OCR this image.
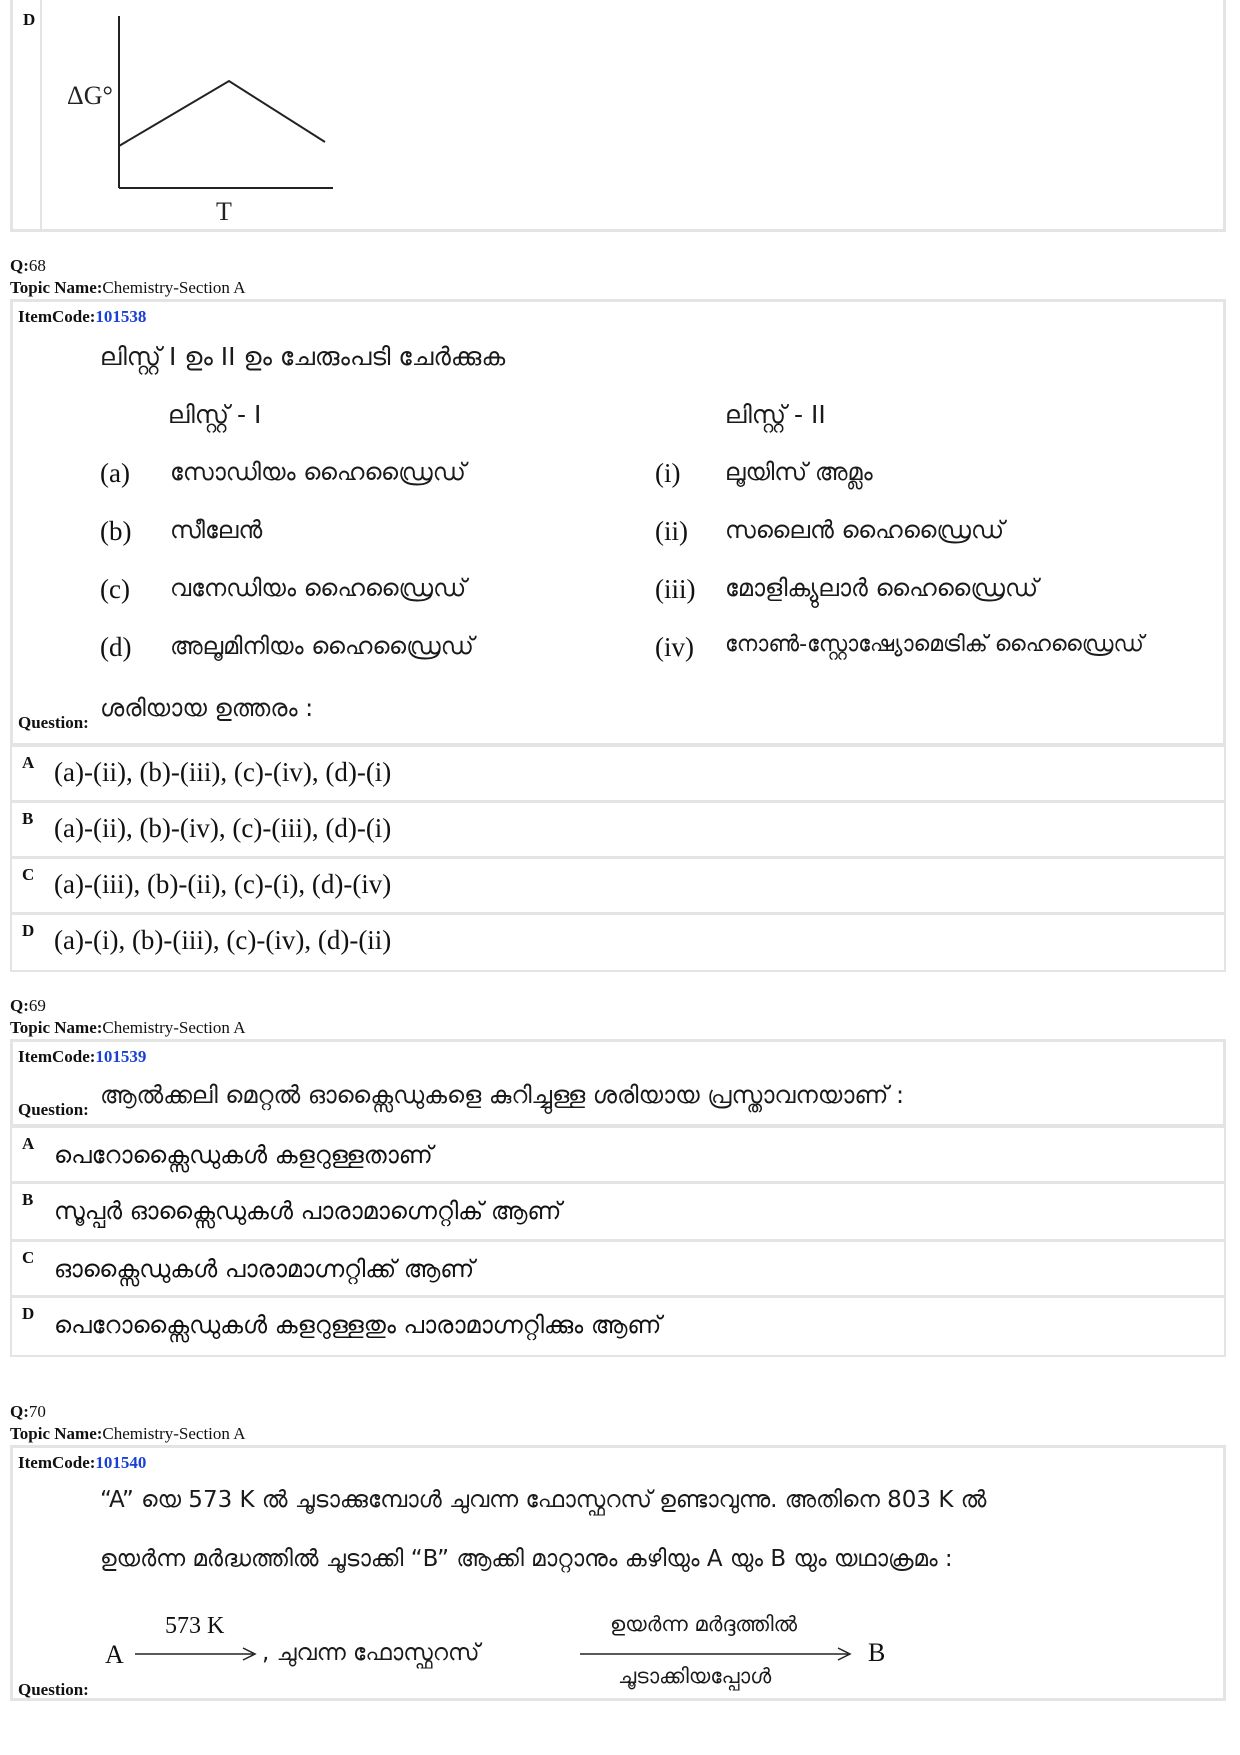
D
ΔG°
T
Q:68
Topic Name:Chemistry-Section A
ItemCode:101538
ലിസ്റ്റ് I ഉം II ഉം ചേരുംപടി ചേർക്കുക
ലിസ്റ്റ് - I	ലിസ്റ്റ് - II
(a) സോഡിയം ഹൈഡ്രൈഡ്	(i) ലൂയിസ് അമ്ലം
(b) സീലേൻ	(ii) സലൈൻ ഹൈഡ്രൈഡ്
(c) വനേഡിയം ഹൈഡ്രൈഡ്	(iii) മോളിക്യുലാർ ഹൈഡ്രൈഡ്
(d) അലൂമിനിയം ഹൈഡ്രൈഡ്	(iv) നോൺ-സ്റ്റോഷ്യോമെട്രിക് ഹൈഡ്രൈഡ്
Question:
ശരിയായ ഉത്തരം :
A (a)-(ii), (b)-(iii), (c)-(iv), (d)-(i)
B (a)-(ii), (b)-(iv), (c)-(iii), (d)-(i)
C (a)-(iii), (b)-(ii), (c)-(i), (d)-(iv)
D (a)-(i), (b)-(iii), (c)-(iv), (d)-(ii)
Q:69
Topic Name:Chemistry-Section A
ItemCode:101539
Question:
ആൽക്കലി മെറ്റൽ ഓക്സൈഡുകളെ കുറിച്ചുള്ള ശരിയായ പ്രസ്താവനയാണ് :
A പെറോക്സൈഡുകൾ കളറുള്ളതാണ്
B സൂപ്പർ ഓക്സൈഡുകൾ പാരാമാഗ്നെറ്റിക് ആണ്
C ഓക്സൈഡുകൾ പാരാമാഗ്നറ്റിക്ക് ആണ്
D പെറോക്സൈഡുകൾ കളറുള്ളതും പാരാമാഗ്നറ്റിക്കും ആണ്
Q:70
Topic Name:Chemistry-Section A
ItemCode:101540
“A” യെ 573 K ൽ ചൂടാക്കുമ്പോൾ ചുവന്ന ഫോസ്ഫറസ് ഉണ്ടാവുന്നു. അതിനെ 803 K ൽ
ഉയർന്ന മർദ്ധത്തിൽ ചൂടാക്കി “B” ആക്കി മാറ്റാനും കഴിയും A യും B യും യഥാക്രമം :
A
573 K
, ചുവന്ന ഫോസ്ഫറസ്
ഉയർന്ന മർദ്ദത്തിൽ
ചൂടാക്കിയപ്പോൾ
B
Question:
